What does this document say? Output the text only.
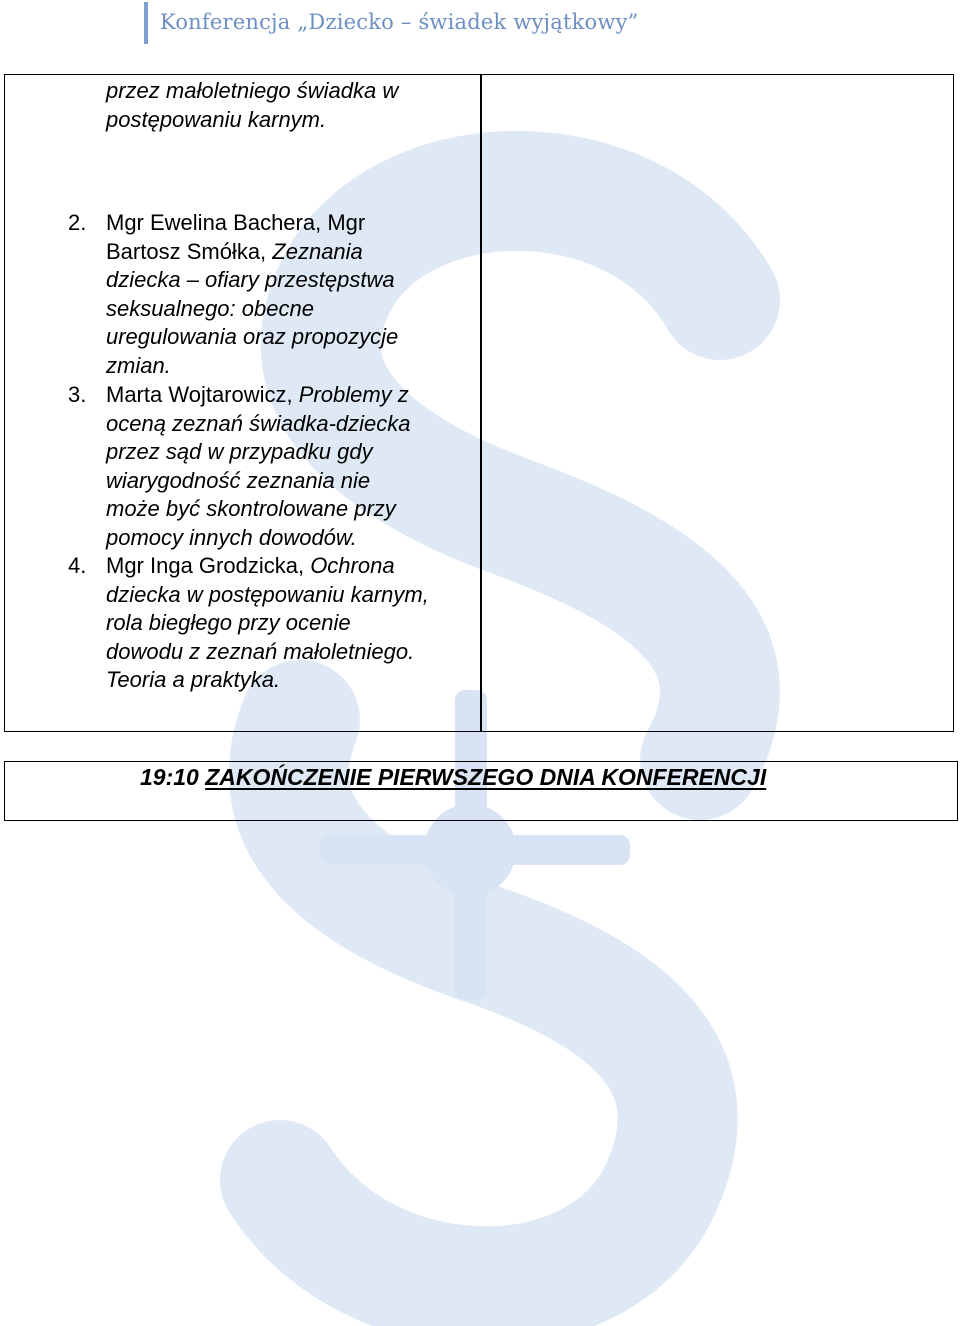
Konferencja „Dziecko – świadek wyjątkowy”
przez małoletniego świadka w
postępowaniu karnym.
2. Mgr Ewelina Bachera, Mgr
Bartosz Smółka, Zeznania
dziecka – ofiary przestępstwa
seksualnego: obecne
uregulowania oraz propozycje
zmian.
3. Marta Wojtarowicz, Problemy z
oceną zeznań świadka-dziecka
przez sąd w przypadku gdy
wiarygodność zeznania nie
może być skontrolowane przy
pomocy innych dowodów.
4. Mgr Inga Grodzicka, Ochrona
dziecka w postępowaniu karnym,
rola biegłego przy ocenie
dowodu z zeznań małoletniego.
Teoria a praktyka.
19:10 ZAKOŃCZENIE PIERWSZEGO DNIA KONFERENCJI
